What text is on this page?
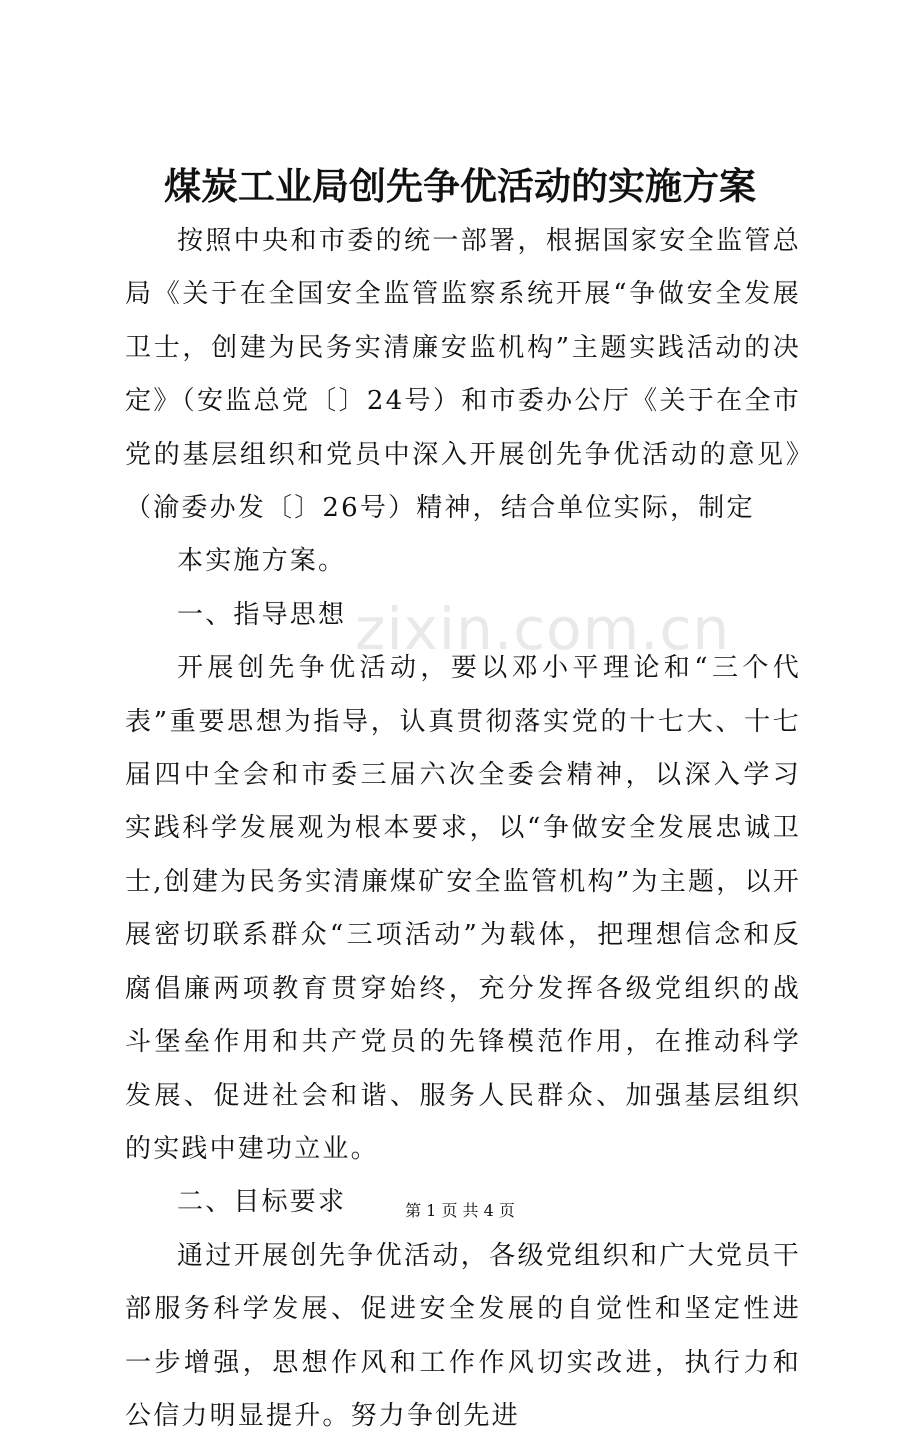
煤炭工业局创先争优活动的实施方案

按照中央和市委的统一部署，根据国家安全监管总局《关于在全国安全监管监察系统开展“争做安全发展卫士，创建为民务实清廉安监机构”主题实践活动的决定》（安监总党〔〕24号）和市委办公厅《关于在全市党的基层组织和党员中深入开展创先争优活动的意见》（渝委办发〔〕26号）精神，结合单位实际，制定

本实施方案。

一、指导思想

开展创先争优活动，要以邓小平理论和“三个代表”重要思想为指导，认真贯彻落实党的十七大、十七届四中全会和市委三届六次全委会精神，以深入学习实践科学发展观为根本要求，以“争做安全发展忠诚卫士,创建为民务实清廉煤矿安全监管机构”为主题，以开展密切联系群众“三项活动”为载体，把理想信念和反腐倡廉两项教育贯穿始终，充分发挥各级党组织的战斗堡垒作用和共产党员的先锋模范作用，在推动科学发展、促进社会和谐、服务人民群众、加强基层组织的实践中建功立业。

二、目标要求

通过开展创先争优活动，各级党组织和广大党员干部服务科学发展、促进安全发展的自觉性和坚定性进一步增强，思想作风和工作作风切实改进，执行力和公信力明显提升。努力争创先进

zixin.com.cn
第 1 页 共 4 页
